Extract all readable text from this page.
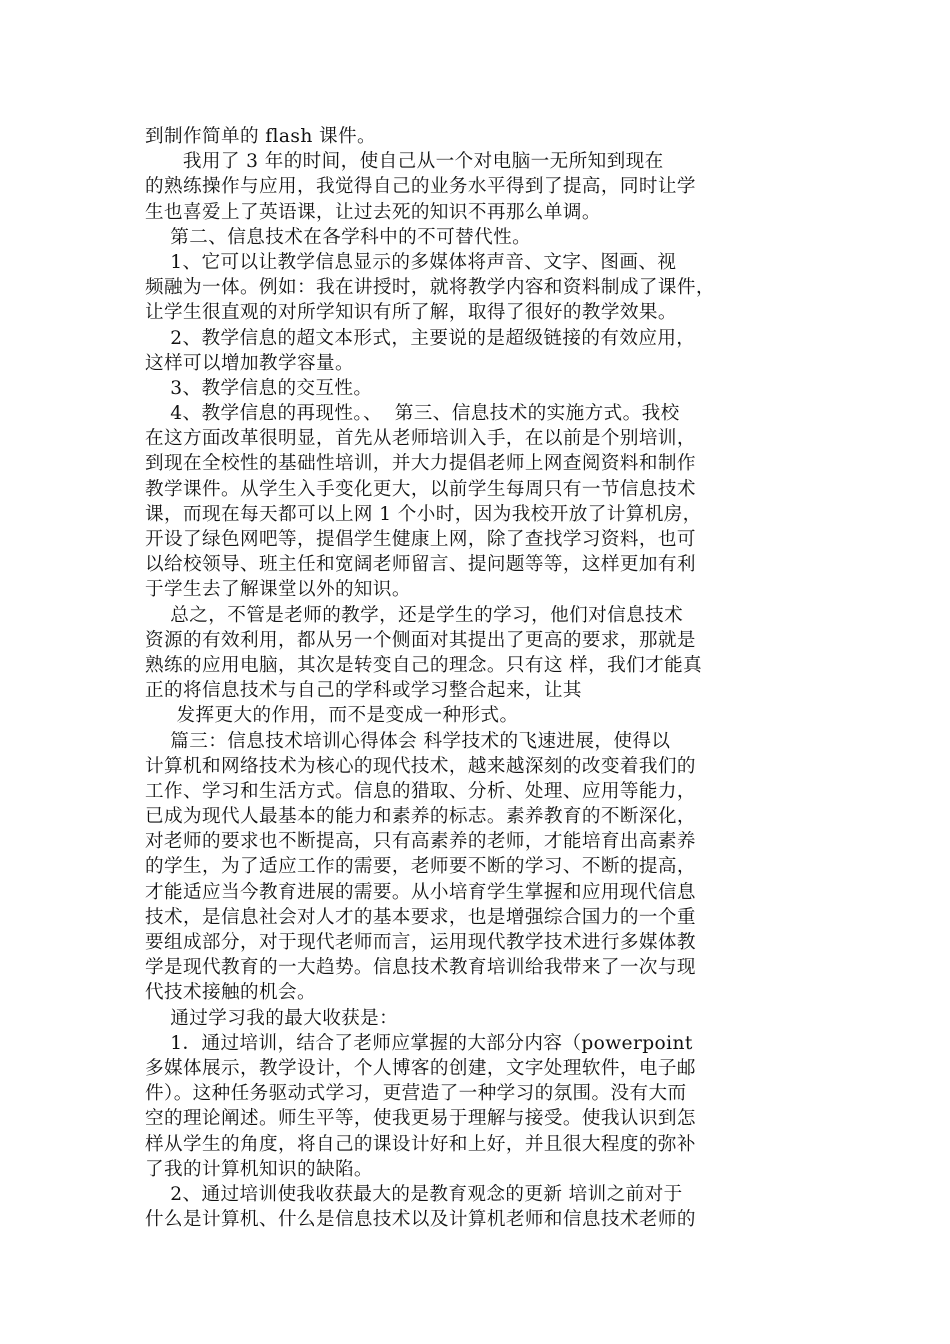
到制作简单的 flash 课件。
我用了 3 年的时间，使自己从一个对电脑一无所知到现在
的熟练操作与应用，我觉得自己的业务水平得到了提高，同时让学
生也喜爱上了英语课，让过去死的知识不再那么单调。
第二、信息技术在各学科中的不可替代性。
1、它可以让教学信息显示的多媒体将声音、文字、图画、视
频融为一体。例如：我在讲授时，就将教学内容和资料制成了课件，
让学生很直观的对所学知识有所了解，取得了很好的教学效果。
2、教学信息的超文本形式，主要说的是超级链接的有效应用，
这样可以增加教学容量。
3、教学信息的交互性。
4、教学信息的再现性。、  第三、信息技术的实施方式。我校
在这方面改革很明显，首先从老师培训入手，在以前是个别培训，
到现在全校性的基础性培训，并大力提倡老师上网查阅资料和制作
教学课件。从学生入手变化更大，以前学生每周只有一节信息技术
课，而现在每天都可以上网 1 个小时，因为我校开放了计算机房，
开设了绿色网吧等，提倡学生健康上网，除了查找学习资料，也可
以给校领导、班主任和宽阔老师留言、提问题等等，这样更加有利
于学生去了解课堂以外的知识。
总之，不管是老师的教学，还是学生的学习，他们对信息技术
资源的有效利用，都从另一个侧面对其提出了更高的要求，那就是
熟练的应用电脑，其次是转变自己的理念。只有这 样，我们才能真
正的将信息技术与自己的学科或学习整合起来，让其
发挥更大的作用，而不是变成一种形式。
篇三：信息技术培训心得体会 科学技术的飞速进展，使得以
计算机和网络技术为核心的现代技术，越来越深刻的改变着我们的
工作、学习和生活方式。信息的猎取、分析、处理、应用等能力，
已成为现代人最基本的能力和素养的标志。素养教育的不断深化，
对老师的要求也不断提高，只有高素养的老师，才能培育出高素养
的学生，为了适应工作的需要，老师要不断的学习、不断的提高，
才能适应当今教育进展的需要。从小培育学生掌握和应用现代信息
技术，是信息社会对人才的基本要求，也是增强综合国力的一个重
要组成部分，对于现代老师而言，运用现代教学技术进行多媒体教
学是现代教育的一大趋势。信息技术教育培训给我带来了一次与现
代技术接触的机会。
通过学习我的最大收获是：
1．通过培训，结合了老师应掌握的大部分内容（powerpoint
多媒体展示，教学设计，个人博客的创建，文字处理软件，电子邮
件）。这种任务驱动式学习，更营造了一种学习的氛围。没有大而
空的理论阐述。师生平等，使我更易于理解与接受。使我认识到怎
样从学生的角度，将自己的课设计好和上好，并且很大程度的弥补
了我的计算机知识的缺陷。
2、通过培训使我收获最大的是教育观念的更新 培训之前对于
什么是计算机、什么是信息技术以及计算机老师和信息技术老师的
